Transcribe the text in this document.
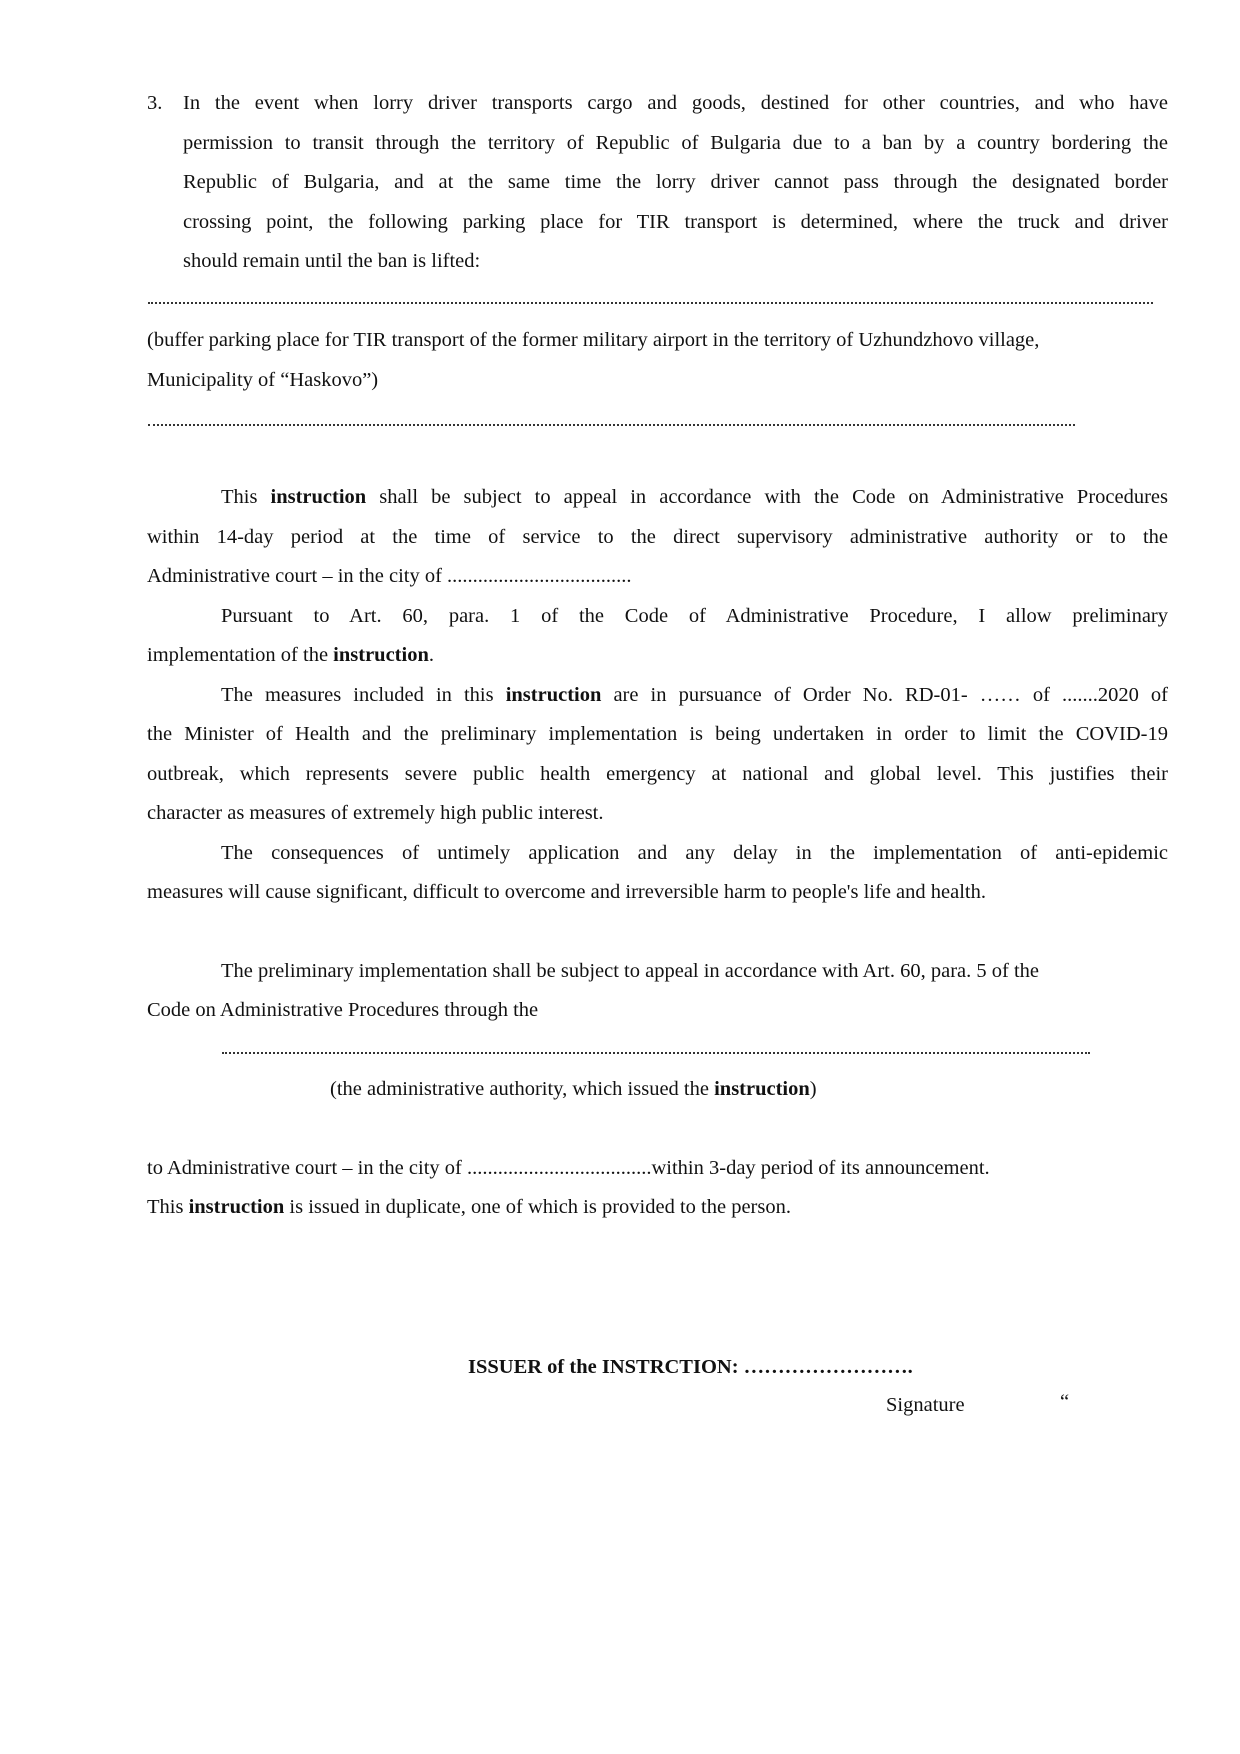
3. In the event when lorry driver transports cargo and goods, destined for other countries, and who have
permission to transit through the territory of Republic of Bulgaria due to a ban by a country bordering the
Republic of Bulgaria, and at the same time the lorry driver cannot pass through the designated border
crossing point, the following parking place for TIR transport is determined, where the truck and driver
should remain until the ban is lifted:
(buffer parking place for TIR transport of the former military airport in the territory of Uzhundzhovo village,
Municipality of “Haskovo”)
This instruction shall be subject to appeal in accordance with the Code on Administrative Procedures
within 14-day period at the time of service to the direct supervisory administrative authority or to the
Administrative court – in the city of ....................................
Pursuant to Art. 60, para. 1 of the Code of Administrative Procedure, I allow preliminary
implementation of the instruction.
The measures included in this instruction are in pursuance of Order No. RD-01- …… of .......2020 of
the Minister of Health and the preliminary implementation is being undertaken in order to limit the COVID-19
outbreak, which represents severe public health emergency at national and global level. This justifies their
character as measures of extremely high public interest.
The consequences of untimely application and any delay in the implementation of anti-epidemic
measures will cause significant, difficult to overcome and irreversible harm to people's life and health.
The preliminary implementation shall be subject to appeal in accordance with Art. 60, para. 5 of the
Code on Administrative Procedures through the
(the administrative authority, which issued the instruction)
to Administrative court – in the city of ....................................within 3-day period of its announcement.
This instruction is issued in duplicate, one of which is provided to the person.
ISSUER of the INSTRCTION: …………………….
Signature	“
